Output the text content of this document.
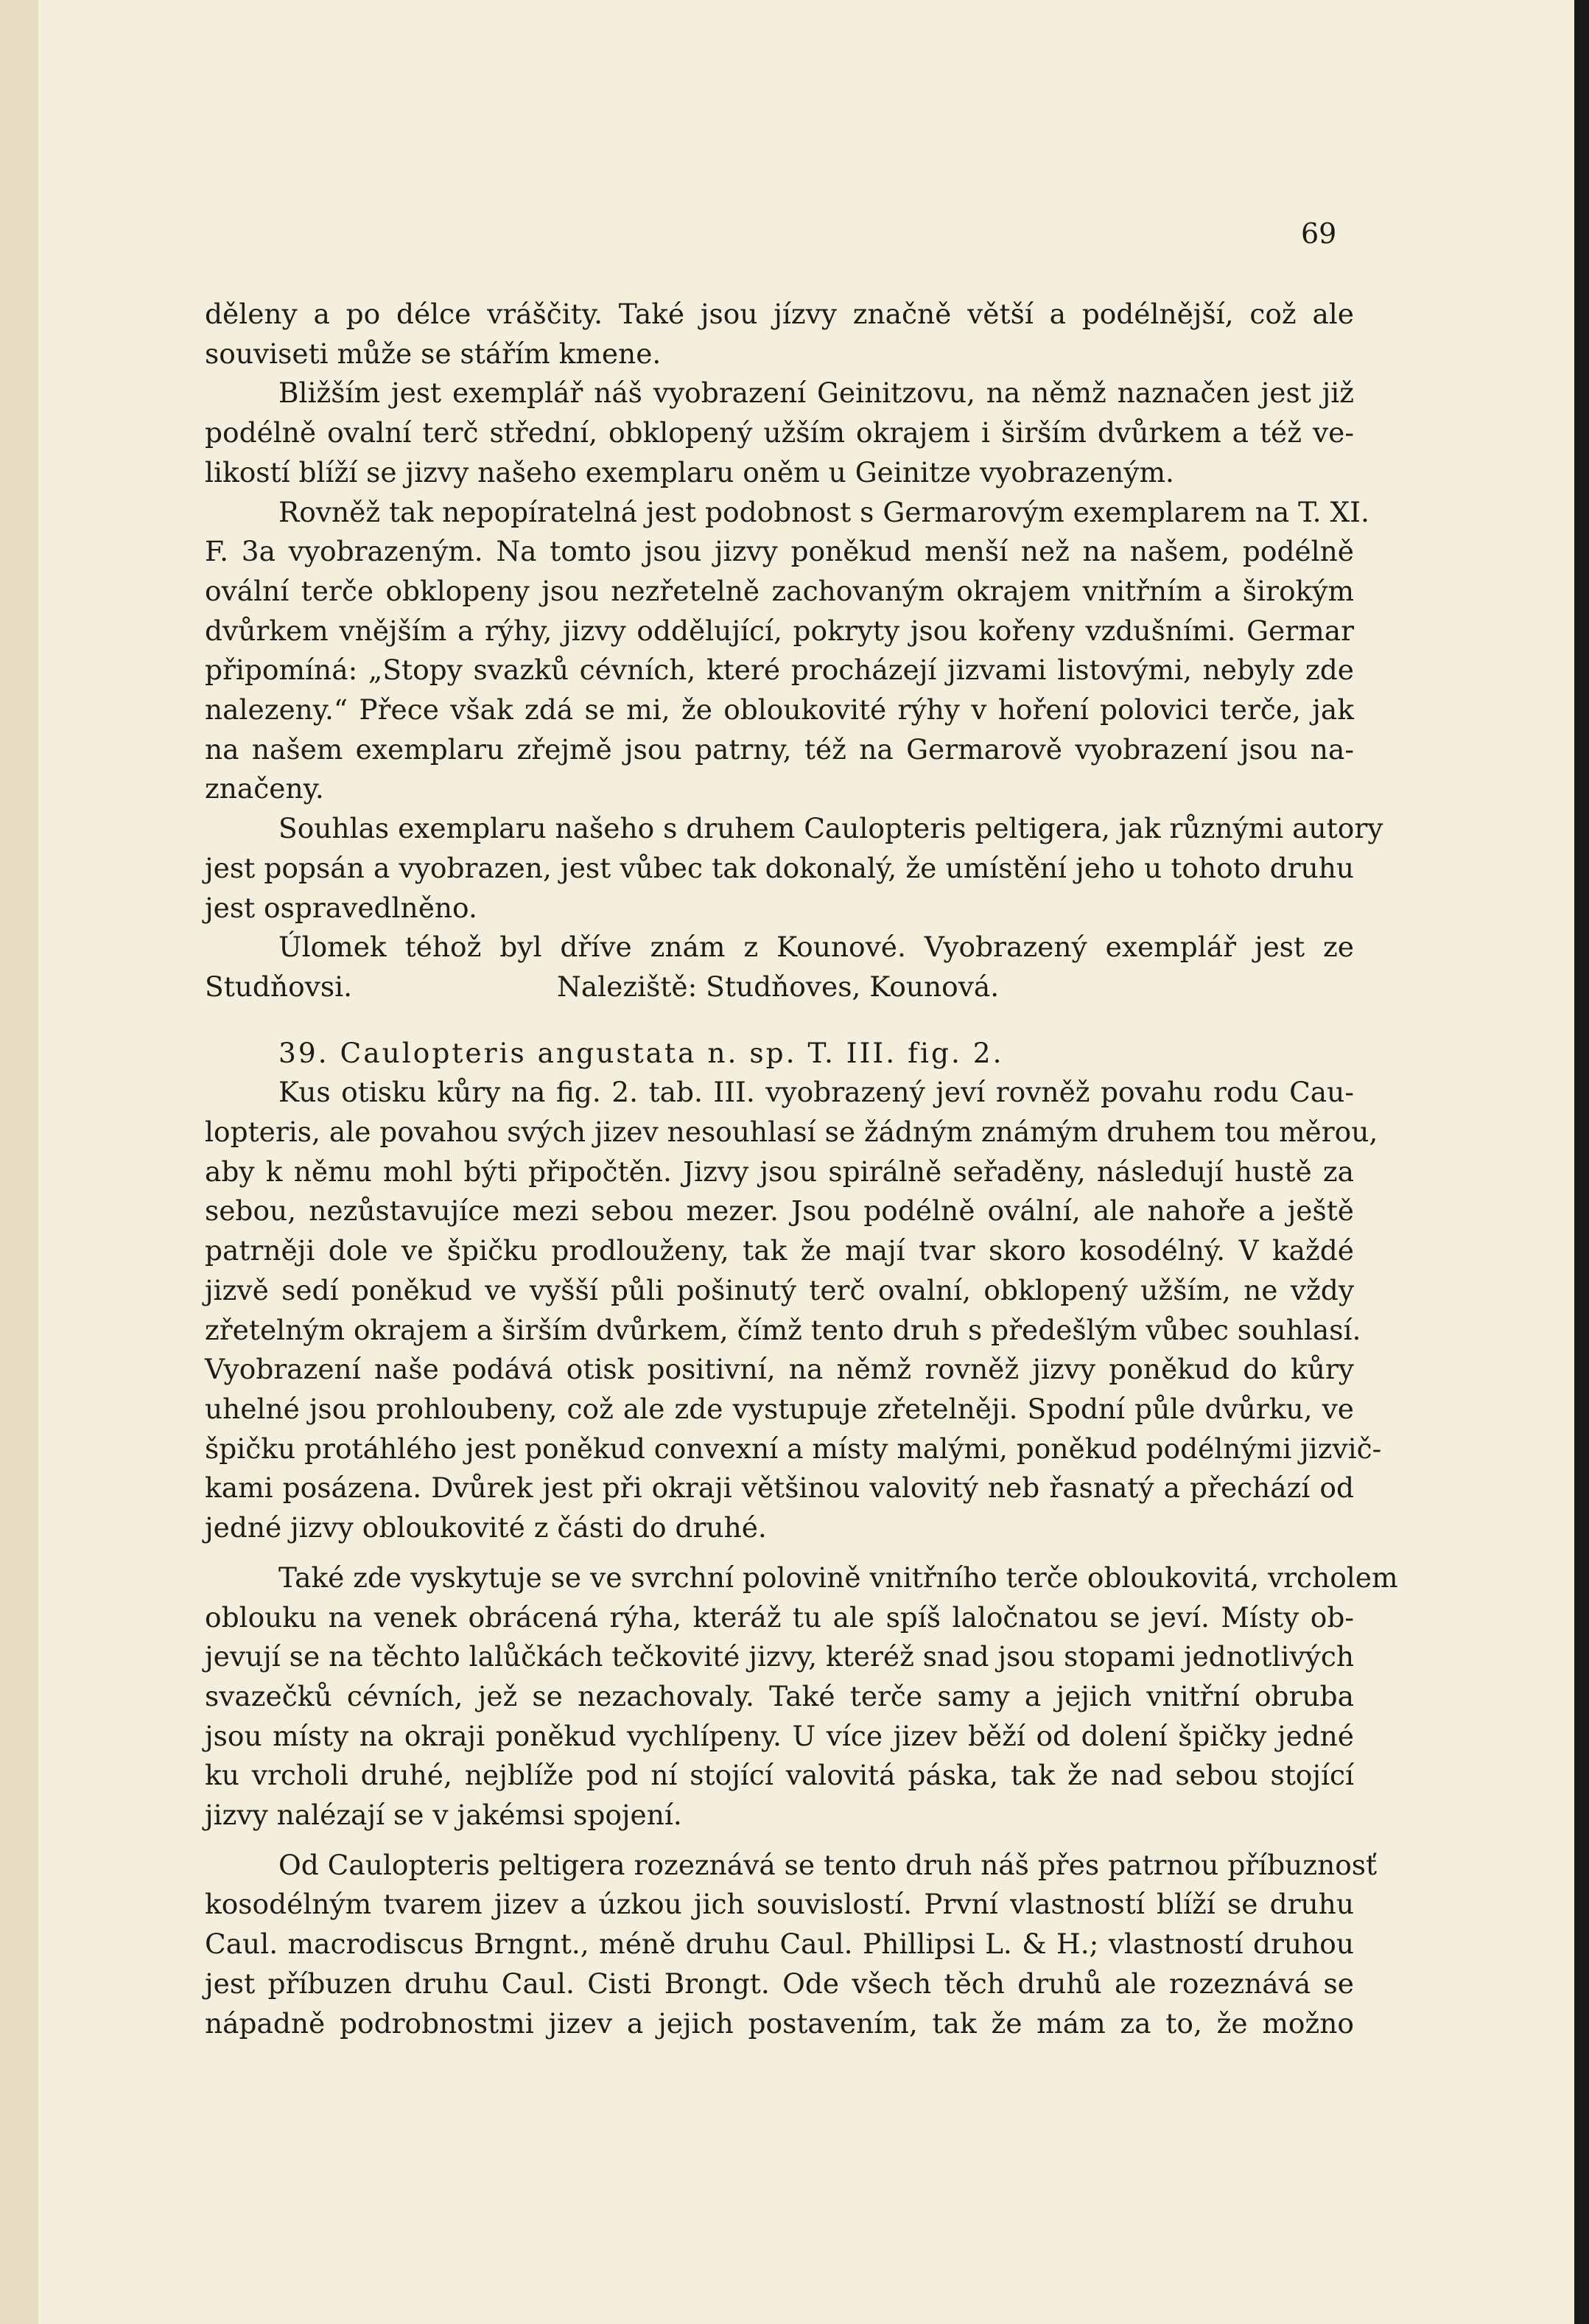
69
děleny a po délce vráščity. Také jsou jízvy značně větší a podélnější, což ale
souviseti může se stářím kmene.
Bližším jest exemplář náš vyobrazení Geinitzovu, na němž naznačen jest již
podélně ovalní terč střední, obklopený užším okrajem i širším dvůrkem a též ve-
likostí blíží se jizvy našeho exemplaru oněm u Geinitze vyobrazeným.
Rovněž tak nepopíratelná jest podobnost s Germarovým exemplarem na T. XI.
F. 3a vyobrazeným. Na tomto jsou jizvy poněkud menší než na našem, podélně
ovální terče obklopeny jsou nezřetelně zachovaným okrajem vnitřním a širokým
dvůrkem vnějším a rýhy, jizvy oddělující, pokryty jsou kořeny vzdušními. Germar
připomíná: „Stopy svazků cévních, které procházejí jizvami listovými, nebyly zde
nalezeny.“ Přece však zdá se mi, že obloukovité rýhy v hoření polovici terče, jak
na našem exemplaru zřejmě jsou patrny, též na Germarově vyobrazení jsou na-
značeny.
Souhlas exemplaru našeho s druhem Caulopteris peltigera, jak různými autory
jest popsán a vyobrazen, jest vůbec tak dokonalý, že umístění jeho u tohoto druhu
jest ospravedlněno.
Úlomek téhož byl dříve znám z Kounové. Vyobrazený exemplář jest ze
Studňovsi.	Naleziště: Studňoves, Kounová.
39. Caulopteris angustata n. sp. T. III. fig. 2.
Kus otisku kůry na fig. 2. tab. III. vyobrazený jeví rovněž povahu rodu Cau-
lopteris, ale povahou svých jizev nesouhlasí se žádným známým druhem tou měrou,
aby k němu mohl býti připočtěn. Jizvy jsou spirálně seřaděny, následují hustě za
sebou, nezůstavujíce mezi sebou mezer. Jsou podélně ovální, ale nahoře a ještě
patrněji dole ve špičku prodlouženy, tak že mají tvar skoro kosodélný. V každé
jizvě sedí poněkud ve vyšší půli pošinutý terč ovalní, obklopený užším, ne vždy
zřetelným okrajem a širším dvůrkem, čímž tento druh s předešlým vůbec souhlasí.
Vyobrazení naše podává otisk positivní, na němž rovněž jizvy poněkud do kůry
uhelné jsou prohloubeny, což ale zde vystupuje zřetelněji. Spodní půle dvůrku, ve
špičku protáhlého jest poněkud convexní a místy malými, poněkud podélnými jizvič-
kami posázena. Dvůrek jest při okraji většinou valovitý neb řasnatý a přechází od
jedné jizvy obloukovité z části do druhé.
Také zde vyskytuje se ve svrchní polovině vnitřního terče obloukovitá, vrcholem
oblouku na venek obrácená rýha, kteráž tu ale spíš laločnatou se jeví. Místy ob-
jevují se na těchto lalůčkách tečkovité jizvy, kteréž snad jsou stopami jednotlivých
svazečků cévních, jež se nezachovaly. Také terče samy a jejich vnitřní obruba
jsou místy na okraji poněkud vychlípeny. U více jizev běží od dolení špičky jedné
ku vrcholi druhé, nejblíže pod ní stojící valovitá páska, tak že nad sebou stojící
jizvy nalézají se v jakémsi spojení.
Od Caulopteris peltigera rozeznává se tento druh náš přes patrnou příbuznosť
kosodélným tvarem jizev a úzkou jich souvislostí. První vlastností blíží se druhu
Caul. macrodiscus Brngnt., méně druhu Caul. Phillipsi L. & H.; vlastností druhou
jest příbuzen druhu Caul. Cisti Brongt. Ode všech těch druhů ale rozeznává se
nápadně podrobnostmi jizev a jejich postavením, tak že mám za to, že možno
